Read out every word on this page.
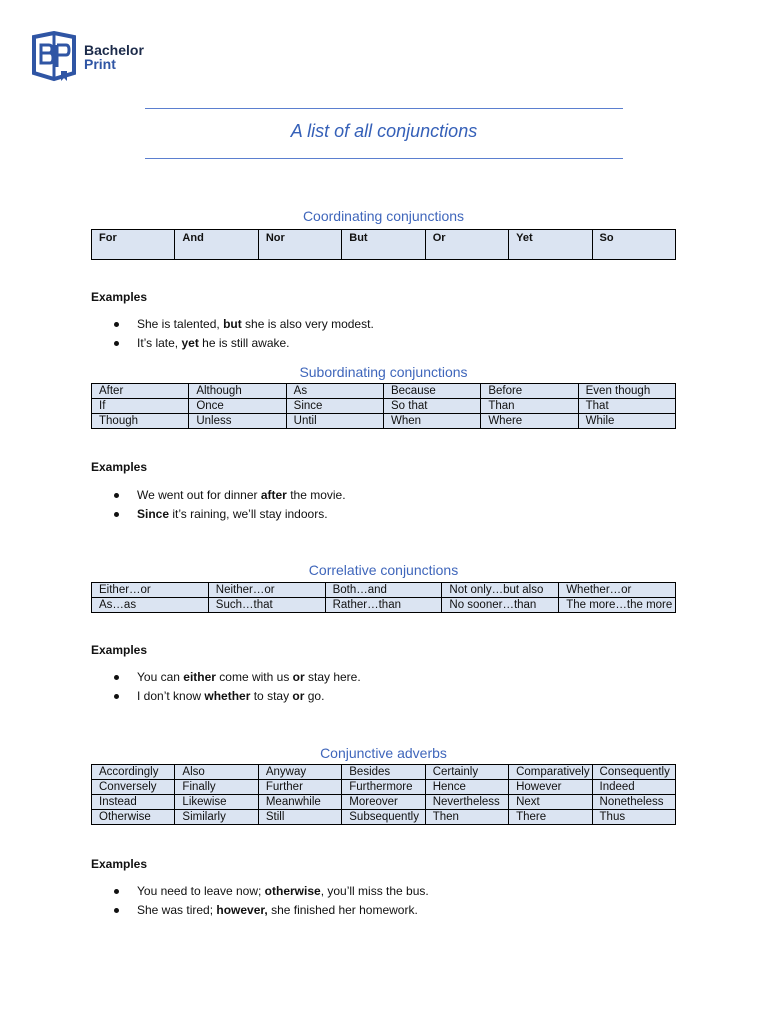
Bachelor
Print
A list of all conjunctions
Coordinating conjunctions
For	And	Nor	But	Or	Yet	So
Examples
She is talented, but she is also very modest.
It’s late, yet he is still awake.
Subordinating conjunctions
After	Although	As	Because	Before	Even though
If	Once	Since	So that	Than	That
Though	Unless	Until	When	Where	While
Examples
We went out for dinner after the movie.
Since it’s raining, we’ll stay indoors.
Correlative conjunctions
Either…or	Neither…or	Both…and	Not only…but also	Whether…or
As…as	Such…that	Rather…than	No sooner…than	The more…the more
Examples
You can either come with us or stay here.
I don’t know whether to stay or go.
Conjunctive adverbs
Accordingly	Also	Anyway	Besides	Certainly	Comparatively	Consequently
Conversely	Finally	Further	Furthermore	Hence	However	Indeed
Instead	Likewise	Meanwhile	Moreover	Nevertheless	Next	Nonetheless
Otherwise	Similarly	Still	Subsequently	Then	There	Thus
Examples
You need to leave now; otherwise, you’ll miss the bus.
She was tired; however, she finished her homework.
